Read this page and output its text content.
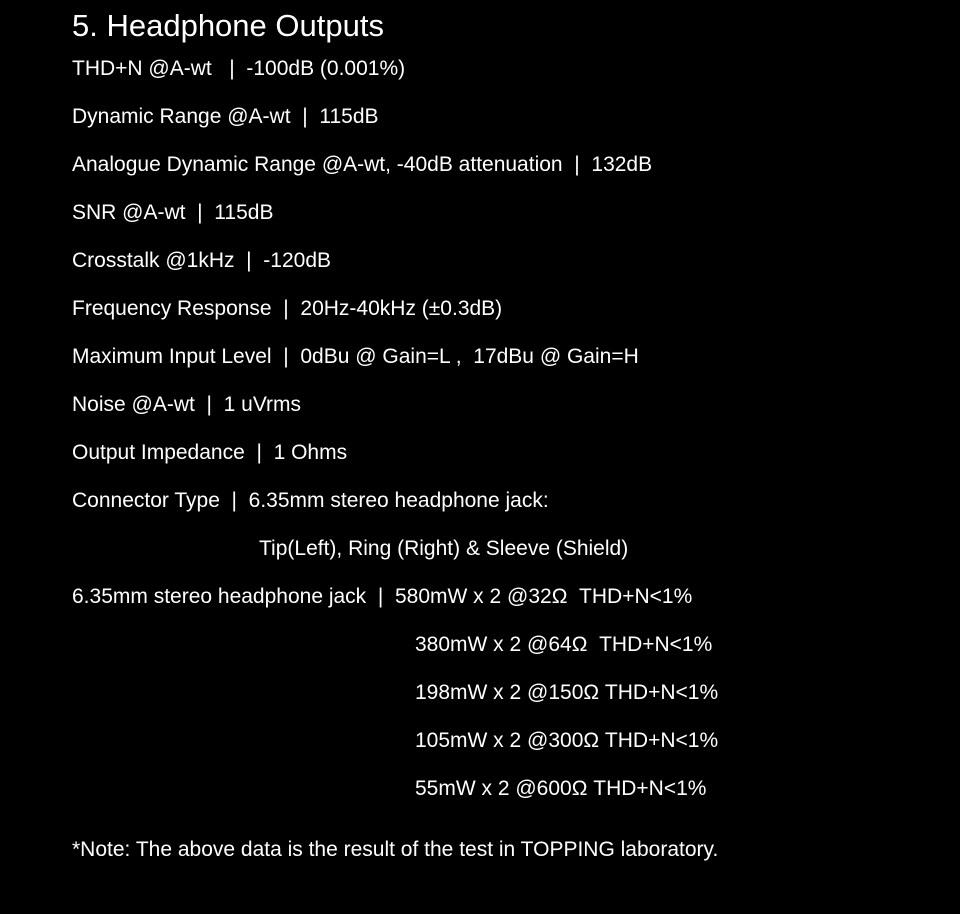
5. Headphone Outputs
THD+N @A-wt   |  -100dB (0.001%)
Dynamic Range @A-wt  |  115dB
Analogue Dynamic Range @A-wt, -40dB attenuation  |  132dB
SNR @A-wt  |  115dB
Crosstalk @1kHz  |  -120dB
Frequency Response  |  20Hz-40kHz (±0.3dB)
Maximum Input Level  |  0dBu @ Gain=L ,  17dBu @ Gain=H
Noise @A-wt  |  1 uVrms
Output Impedance  |  1 Ohms
Connector Type  |  6.35mm stereo headphone jack:
Tip(Left), Ring (Right) & Sleeve (Shield)
6.35mm stereo headphone jack  |  580mW x 2 @32Ω  THD+N<1%
380mW x 2 @64Ω  THD+N<1%
198mW x 2 @150Ω THD+N<1%
105mW x 2 @300Ω THD+N<1%
55mW x 2 @600Ω THD+N<1%
*Note: The above data is the result of the test in TOPPING laboratory.
